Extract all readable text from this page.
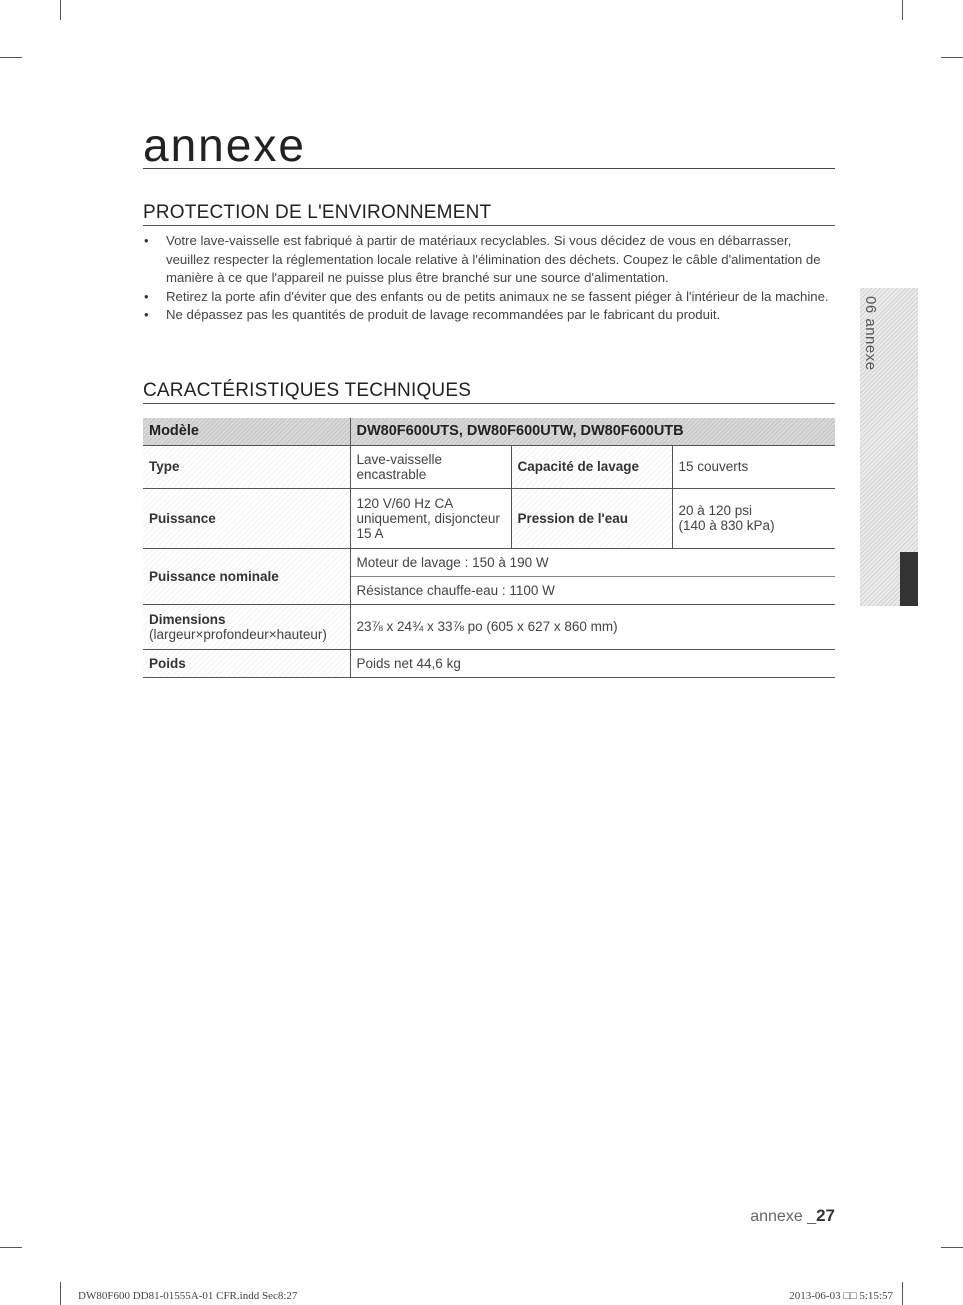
annexe
PROTECTION DE L'ENVIRONNEMENT
• Votre lave-vaisselle est fabriqué à partir de matériaux recyclables. Si vous décidez de vous en débarrasser, veuillez respecter la réglementation locale relative à l'élimination des déchets. Coupez le câble d'alimentation de manière à ce que l'appareil ne puisse plus être branché sur une source d'alimentation.
• Retirez la porte afin d'éviter que des enfants ou de petits animaux ne se fassent piéger à l'intérieur de la machine.
• Ne dépassez pas les quantités de produit de lavage recommandées par le fabricant du produit.
CARACTÉRISTIQUES TECHNIQUES
Modèle	DW80F600UTS, DW80F600UTW, DW80F600UTB		
Type	Lave-vaisselle encastrable	Capacité de lavage	15 couverts
Puissance	120 V/60 Hz CA uniquement, disjoncteur 15 A	Pression de l'eau	20 à 120 psi
(140 à 830 kPa)

Puissance nominale	Moteur de lavage : 150 à 190 W		
	Résistance chauffe-eau : 1100 W		

Dimensions
(largeur×profondeur×hauteur)	23⅞ x 24¾ x 33⅞ po (605 x 627 x 860 mm)		
Poids	Poids net 44,6 kg		
06 annexe
annexe _27
DW80F600 DD81-01555A-01 CFR.indd Sec8:27	2013-06-03 □□ 5:15:57
